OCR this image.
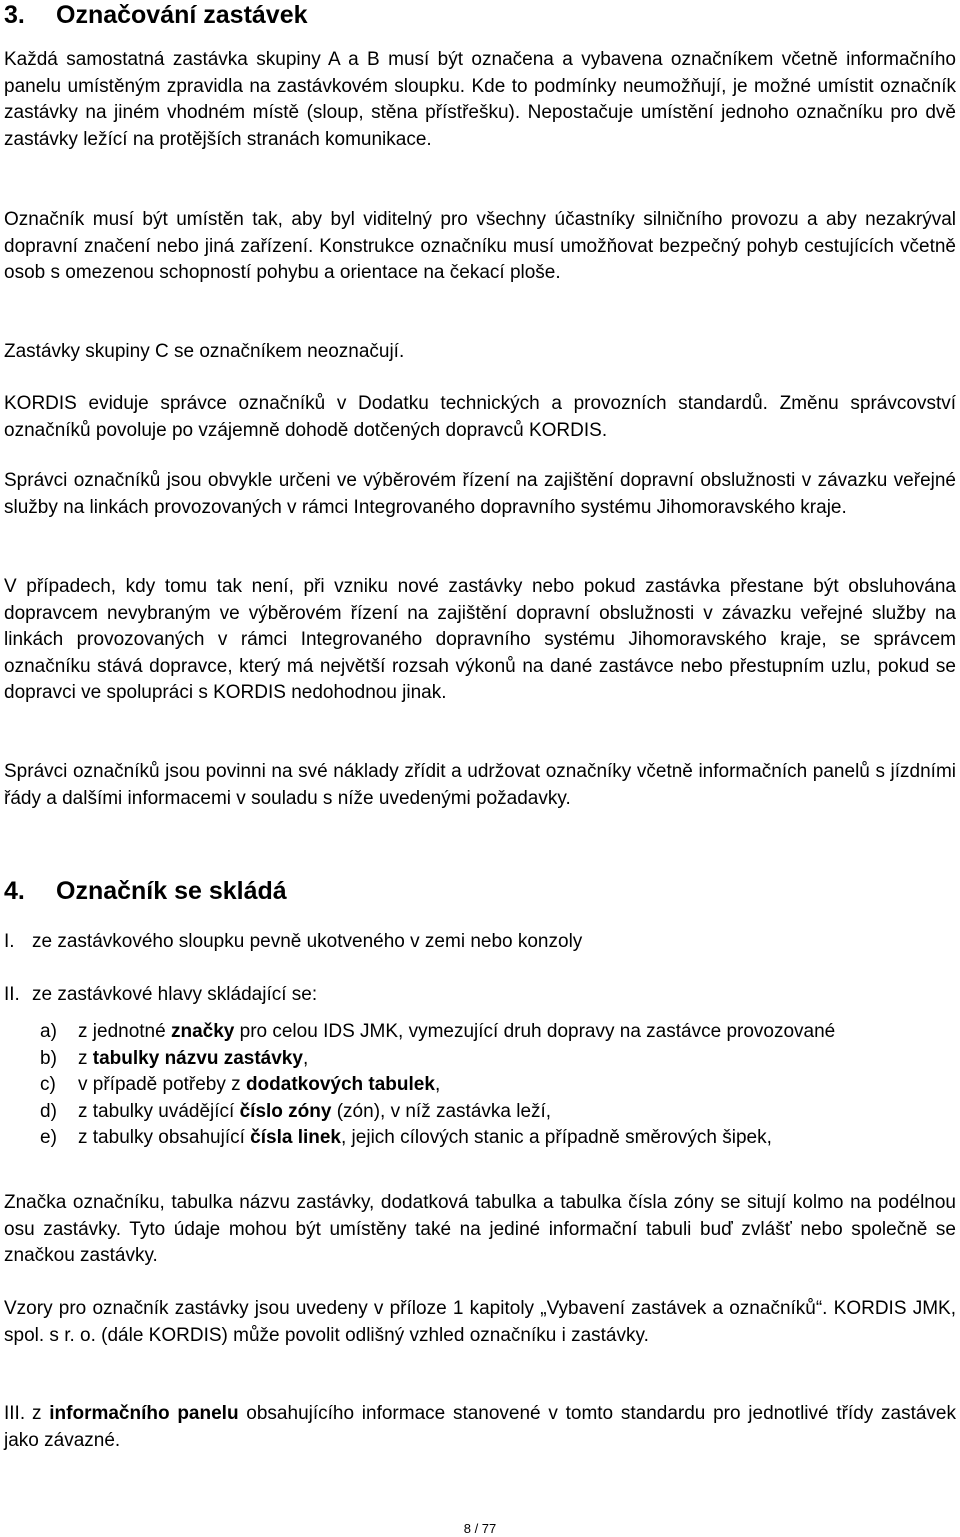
3.	Označování zastávek

Každá samostatná zastávka skupiny A a B musí být označena a vybavena označníkem včetně informačního panelu umístěným zpravidla na zastávkovém sloupku. Kde to podmínky neumožňují, je možné umístit označník zastávky na jiném vhodném místě (sloup, stěna přístřešku). Nepostačuje umístění jednoho označníku pro dvě zastávky ležící na protějších stranách komunikace.

Označník musí být umístěn tak, aby byl viditelný pro všechny účastníky silničního provozu a aby nezakrýval dopravní značení nebo jiná zařízení. Konstrukce označníku musí umožňovat bezpečný pohyb cestujících včetně osob s omezenou schopností pohybu a orientace na čekací ploše.

Zastávky skupiny C se označníkem neoznačují.

KORDIS eviduje správce označníků v Dodatku technických a provozních standardů. Změnu správcovství označníků povoluje po vzájemně dohodě dotčených dopravců KORDIS.

Správci označníků jsou obvykle určeni ve výběrovém řízení na zajištění dopravní obslužnosti v závazku veřejné služby na linkách provozovaných v rámci Integrovaného dopravního systému Jihomoravského kraje.

V případech, kdy tomu tak není, při vzniku nové zastávky nebo pokud zastávka přestane být obsluhována dopravcem nevybraným ve výběrovém řízení na zajištění dopravní obslužnosti v závazku veřejné služby na linkách provozovaných v rámci Integrovaného dopravního systému Jihomoravského kraje, se správcem označníku stává dopravce, který má největší rozsah výkonů na dané zastávce nebo přestupním uzlu, pokud se dopravci ve spolupráci s KORDIS nedohodnou jinak.

Správci označníků jsou povinni na své náklady zřídit a udržovat označníky včetně informačních panelů s jízdními řády a dalšími informacemi v souladu s níže uvedenými požadavky.

4.	Označník se skládá

I. ze zastávkového sloupku pevně ukotveného v zemi nebo konzoly

II. ze zastávkové hlavy skládající se:

a)	z jednotné značky pro celou IDS JMK, vymezující druh dopravy na zastávce provozované
b)	z tabulky názvu zastávky,
c)	v případě potřeby z dodatkových tabulek,
d)	z tabulky uvádějící číslo zóny (zón), v níž zastávka leží,
e)	z tabulky obsahující čísla linek, jejich cílových stanic a případně směrových šipek,

Značka označníku, tabulka názvu zastávky, dodatková tabulka a tabulka čísla zóny se sitují kolmo na podélnou osu zastávky. Tyto údaje mohou být umístěny také na jediné informační tabuli buď zvlášť nebo společně se značkou zastávky.

Vzory pro označník zastávky jsou uvedeny v příloze 1 kapitoly „Vybavení zastávek a označníků“. KORDIS JMK, spol. s r. o. (dále KORDIS) může povolit odlišný vzhled označníku i zastávky.

III. z informačního panelu obsahujícího informace stanovené v tomto standardu pro jednotlivé třídy zastávek jako závazné.

8 / 77
